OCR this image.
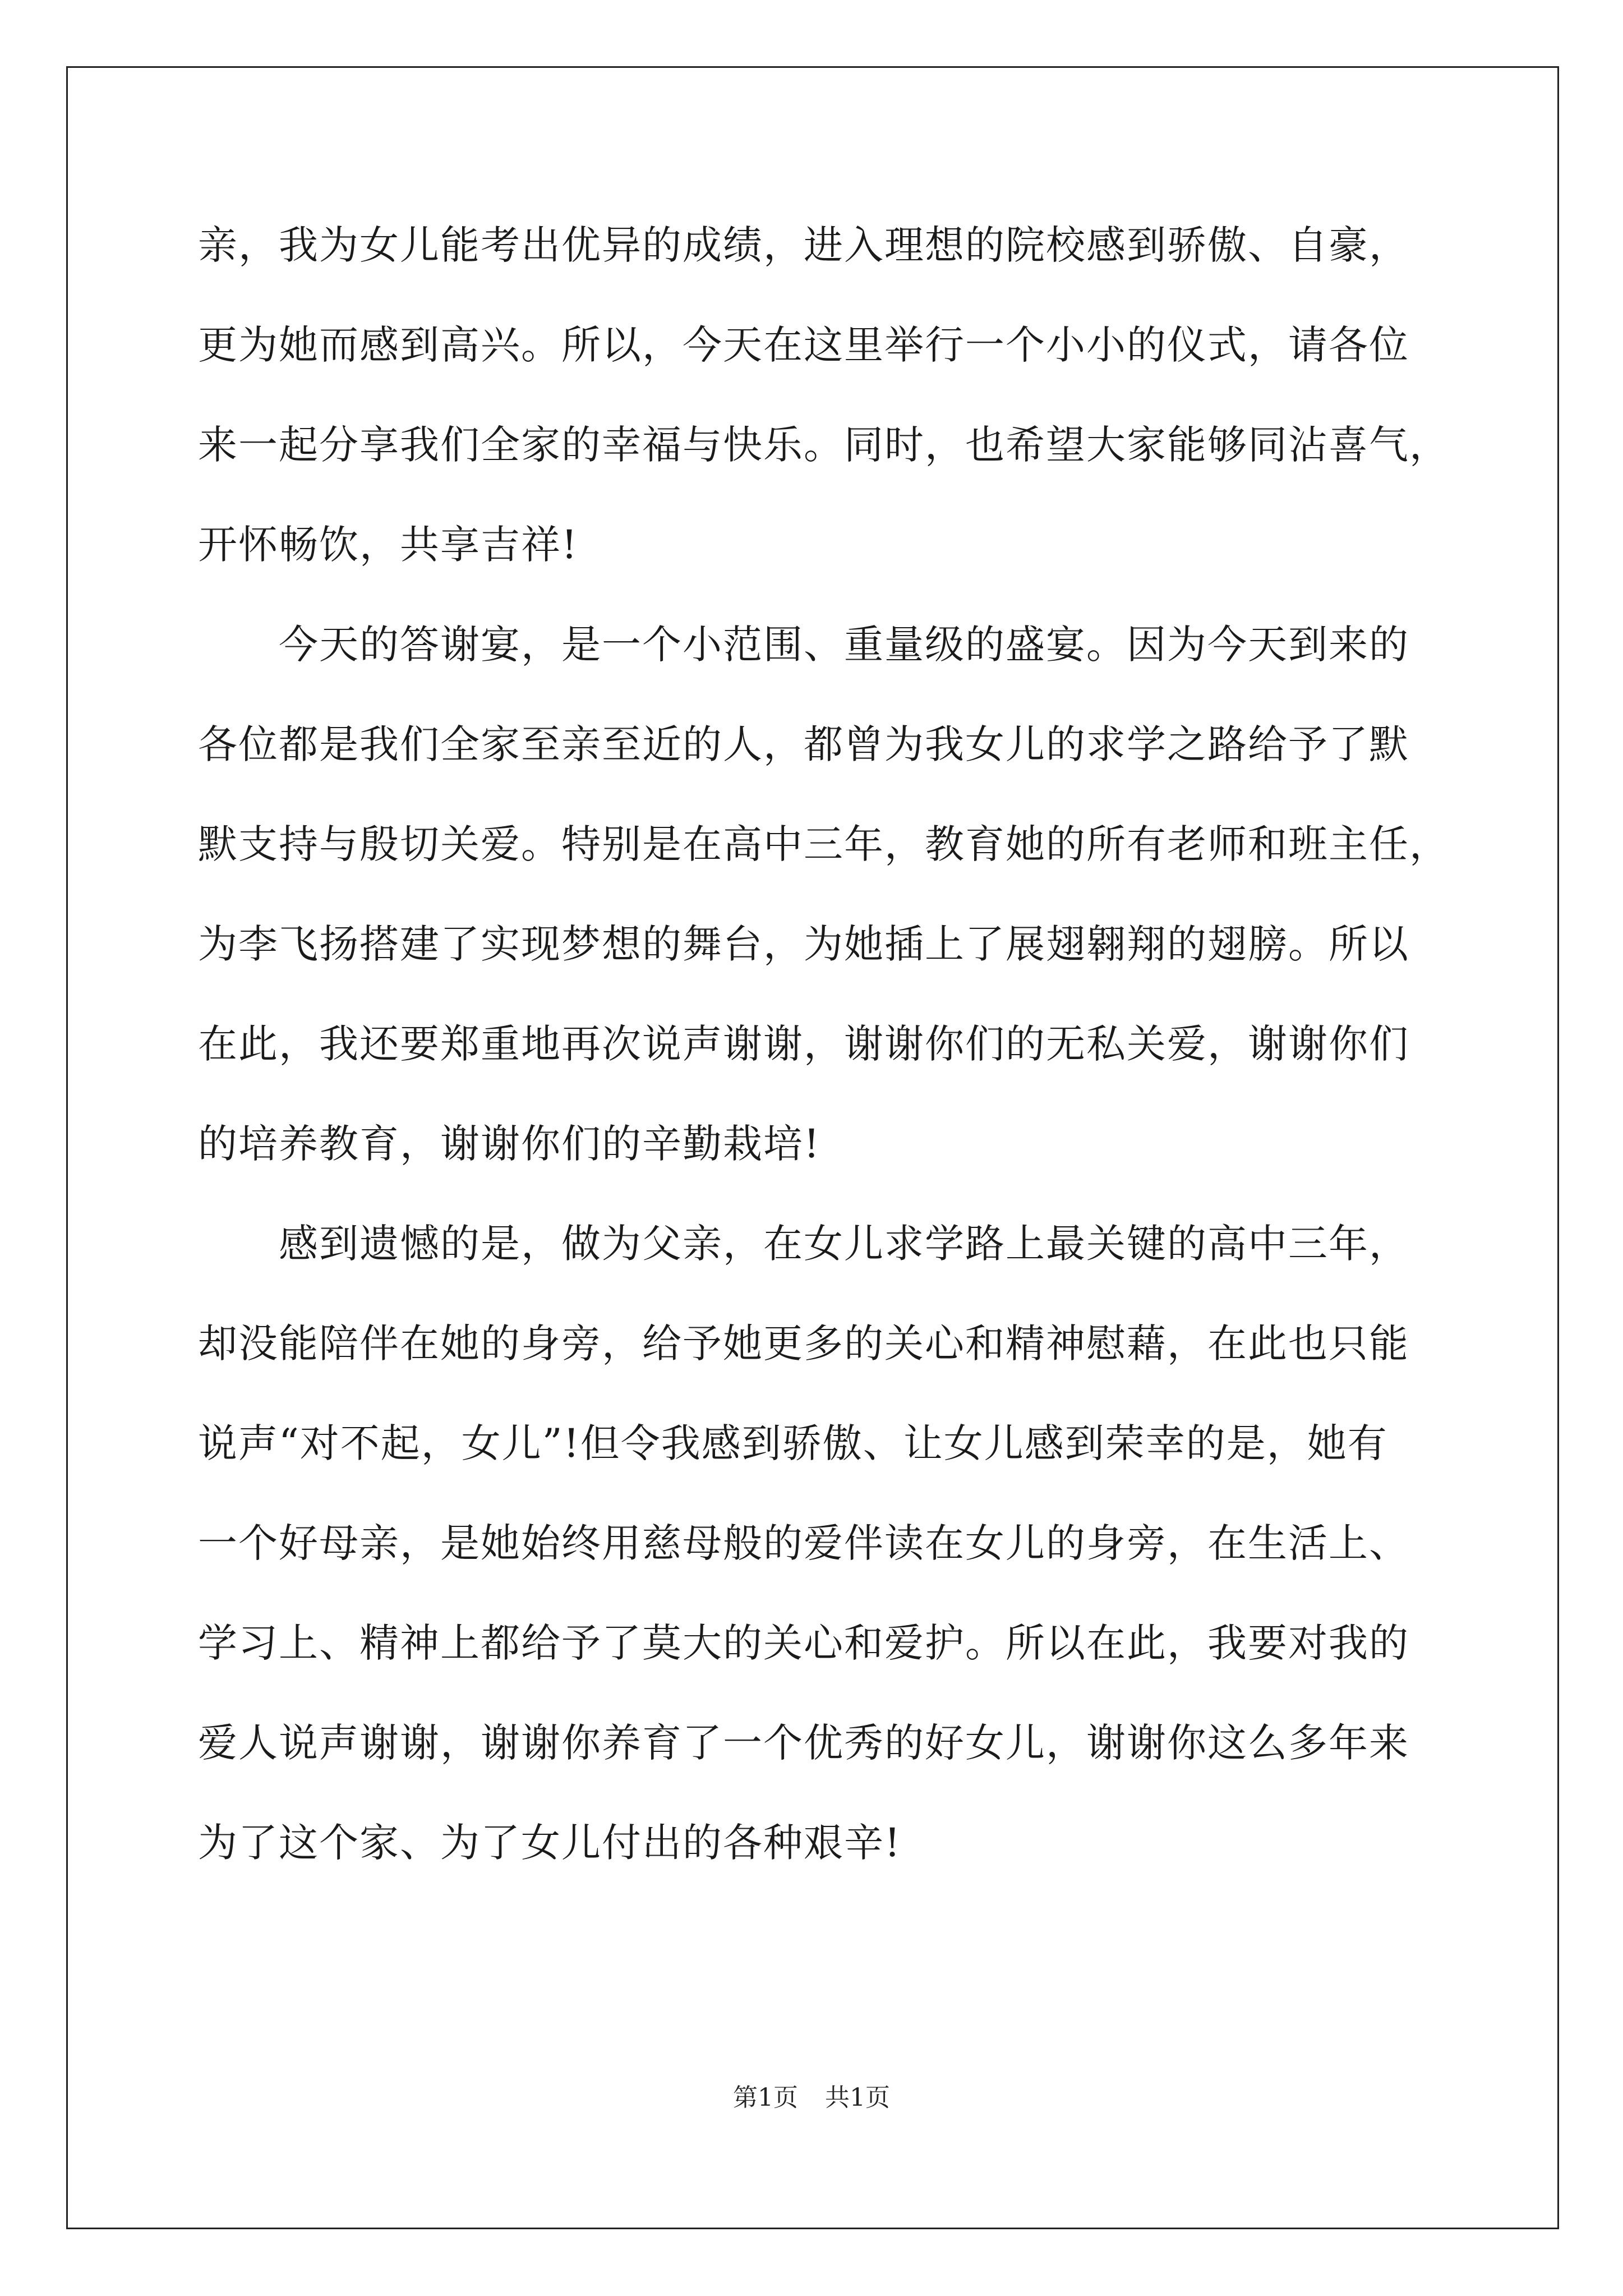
亲，我为女儿能考出优异的成绩，进入理想的院校感到骄傲、自豪，
更为她而感到高兴。所以，今天在这里举行一个小小的仪式，请各位
来一起分享我们全家的幸福与快乐。同时，也希望大家能够同沾喜气，
开怀畅饮，共享吉祥!
　　今天的答谢宴，是一个小范围、重量级的盛宴。因为今天到来的
各位都是我们全家至亲至近的人，都曾为我女儿的求学之路给予了默
默支持与殷切关爱。特别是在高中三年，教育她的所有老师和班主任，
为李飞扬搭建了实现梦想的舞台，为她插上了展翅翱翔的翅膀。所以
在此，我还要郑重地再次说声谢谢，谢谢你们的无私关爱，谢谢你们
的培养教育，谢谢你们的辛勤栽培!
　　感到遗憾的是，做为父亲，在女儿求学路上最关键的高中三年，
却没能陪伴在她的身旁，给予她更多的关心和精神慰藉，在此也只能
说声“对不起，女儿”!但令我感到骄傲、让女儿感到荣幸的是，她有
一个好母亲，是她始终用慈母般的爱伴读在女儿的身旁，在生活上、
学习上、精神上都给予了莫大的关心和爱护。所以在此，我要对我的
爱人说声谢谢，谢谢你养育了一个优秀的好女儿，谢谢你这么多年来
为了这个家、为了女儿付出的各种艰辛!
第1页 共1页
